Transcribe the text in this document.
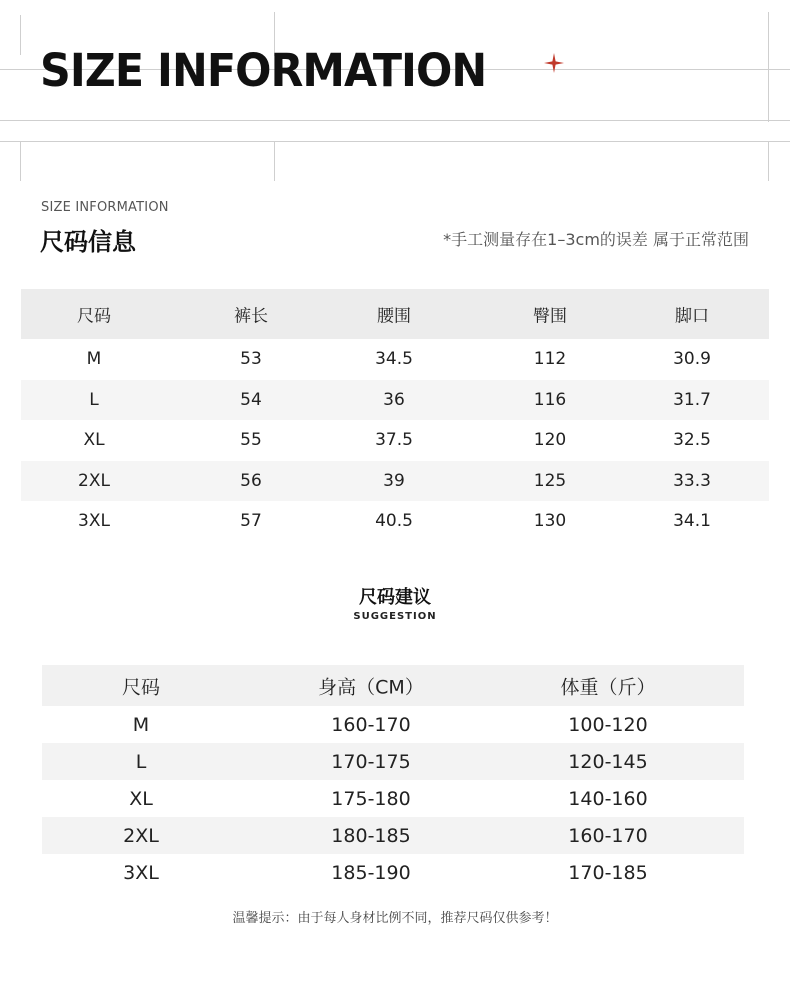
SIZE INFORMATION
SIZE INFORMATION
尺码信息	*手工测量存在1–3cm的误差 属于正常范围
尺码	裤长	腰围	臀围	脚口
M	53	34.5	112	30.9
L	54	36	116	31.7
XL	55	37.5	120	32.5
2XL	56	39	125	33.3
3XL	57	40.5	130	34.1
尺码建议
SUGGESTION
尺码	身高（CM）	体重（斤）
M	160-170	100-120
L	170-175	120-145
XL	175-180	140-160
2XL	180-185	160-170
3XL	185-190	170-185
温馨提示：由于每人身材比例不同，推荐尺码仅供参考！
